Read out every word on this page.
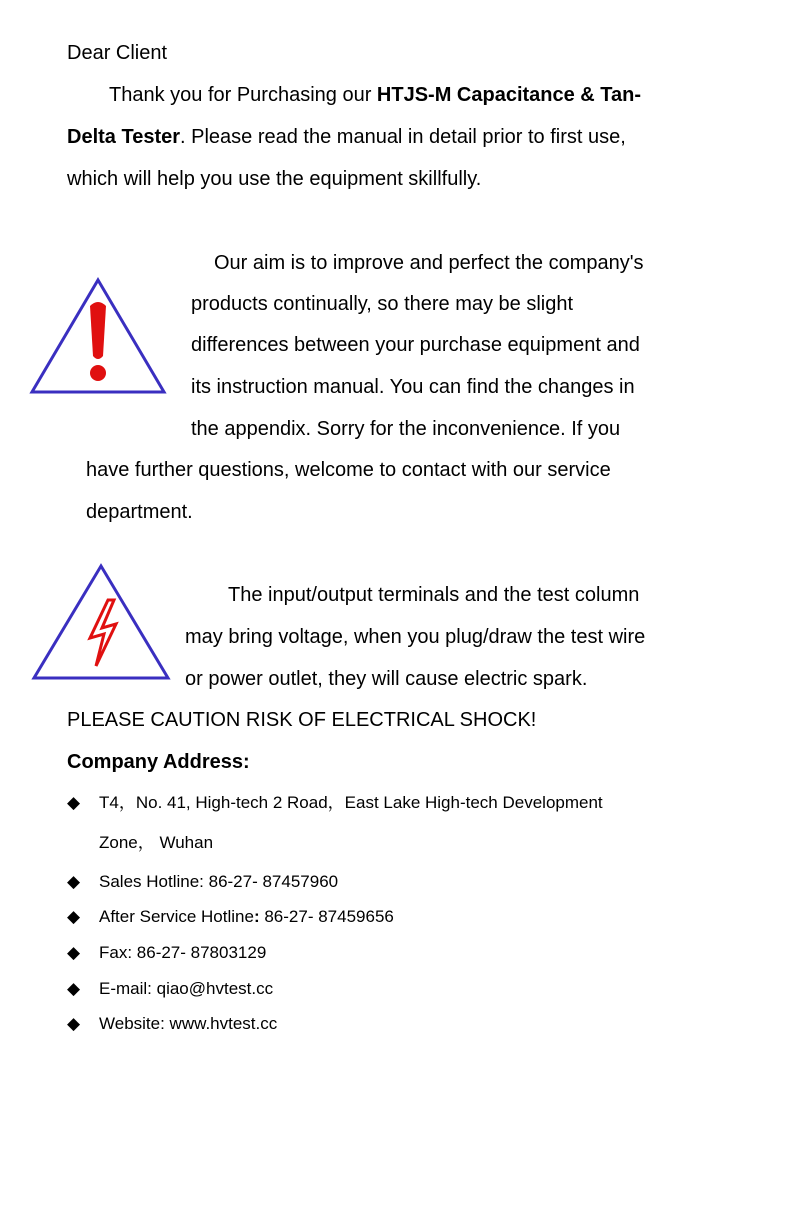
Dear Client
Thank you for Purchasing our HTJS-M Capacitance & Tan-
Delta Tester. Please read the manual in detail prior to first use,
which will help you use the equipment skillfully.
Our aim is to improve and perfect the company's
products continually, so there may be slight
differences between your purchase equipment and
its instruction manual. You can find the changes in
the appendix. Sorry for the inconvenience. If you
have further questions, welcome to contact with our service
department.
The input/output terminals and the test column
may bring voltage, when you plug/draw the test wire
or power outlet, they will cause electric spark.
PLEASE CAUTION RISK OF ELECTRICAL SHOCK!
Company Address:
◆ T4，No. 41, High-tech 2 Road，East Lake High-tech Development
Zone， Wuhan
◆ Sales Hotline: 86-27- 87457960
◆ After Service Hotline: 86-27- 87459656
◆ Fax: 86-27- 87803129
◆ E-mail: qiao@hvtest.cc
◆ Website: www.hvtest.cc
